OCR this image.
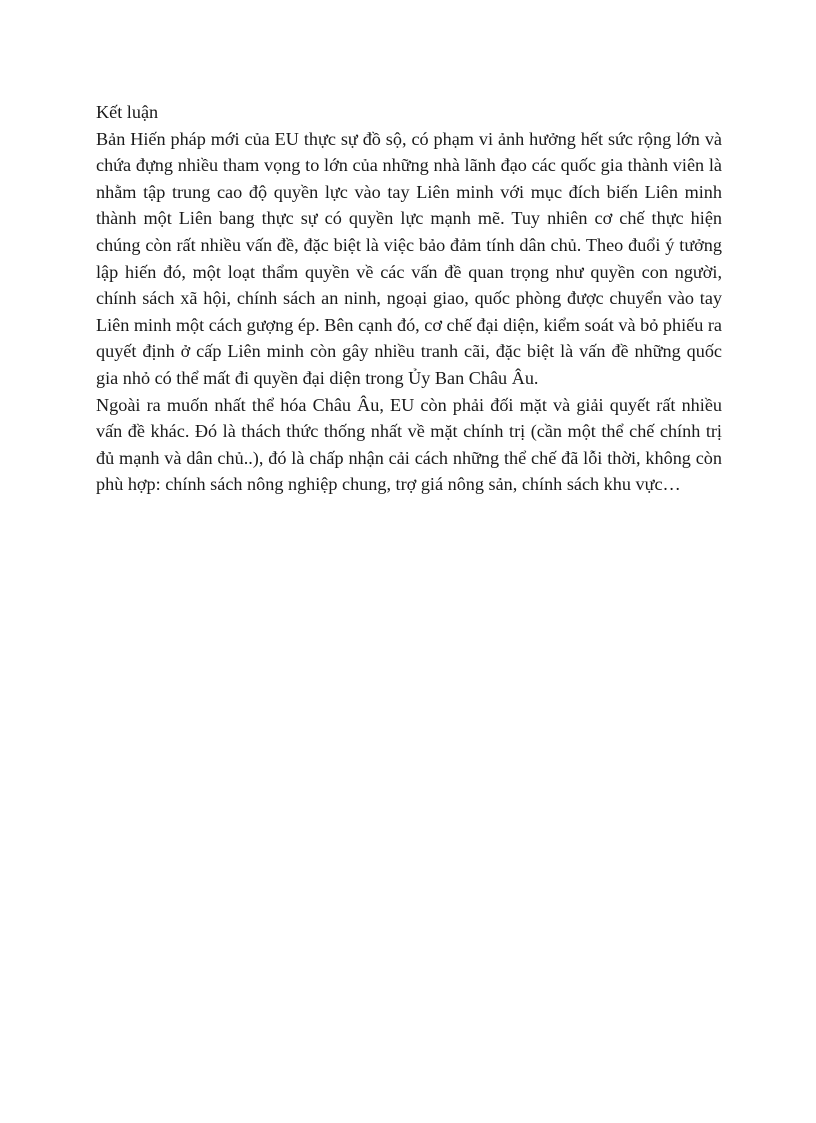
Kết luận

Bản Hiến pháp mới của EU thực sự đồ sộ, có phạm vi ảnh hưởng hết sức rộng lớn và chứa đựng nhiều tham vọng to lớn của những nhà lãnh đạo các quốc gia thành viên là nhằm tập trung cao độ quyền lực vào tay Liên minh với mục đích biến Liên minh thành một Liên bang thực sự có quyền lực mạnh mẽ. Tuy nhiên cơ chế thực hiện chúng còn rất nhiều vấn đề, đặc biệt là việc bảo đảm tính dân chủ. Theo đuổi ý tưởng lập hiến đó, một loạt thẩm quyền về các vấn đề quan trọng như quyền con người, chính sách xã hội, chính sách an ninh, ngoại giao, quốc phòng được chuyển vào tay Liên minh một cách gượng ép. Bên cạnh đó, cơ chế đại diện, kiểm soát và bỏ phiếu ra quyết định ở cấp Liên minh còn gây nhiều tranh cãi, đặc biệt là vấn đề những quốc gia nhỏ có thể mất đi quyền đại diện trong Ủy Ban Châu Âu.

Ngoài ra muốn nhất thể hóa Châu Âu, EU còn phải đối mặt và giải quyết rất nhiều vấn đề khác. Đó là thách thức thống nhất về mặt chính trị (cần một thể chế chính trị đủ mạnh và dân chủ..), đó là chấp nhận cải cách những thể chế đã lỗi thời, không còn phù hợp: chính sách nông nghiệp chung, trợ giá nông sản, chính sách khu vực…
